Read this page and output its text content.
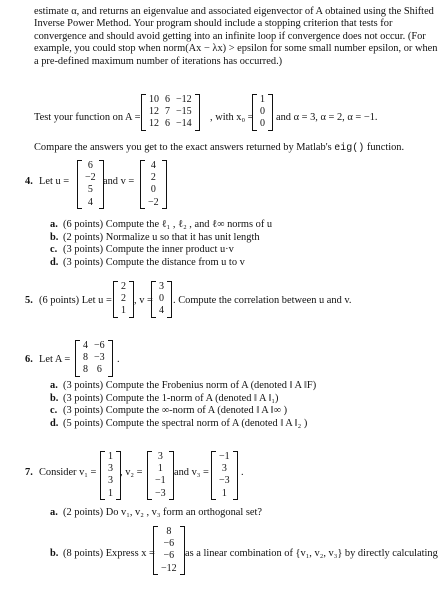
estimate α, and returns an eigenvalue and associated eigenvector of A obtained using the Shifted
Inverse Power Method. Your program should include a stopping criterion that tests for
convergence and should avoid getting into an infinite loop if convergence does not occur. (For
example, you could stop when norm(Ax − λx) > epsilon for some small number epsilon, or when
a pre-defined maximum number of iterations has occurred.)
Test your function on A =
10	6	−12
12	7	−15
12	6	−14
, with x₀ =
1
0
0
and α = 3, α = 2, α = −1.
Compare the answers you get to the exact answers returned by Matlab's eig() function.
4. Let u =
6
−2
5
4
and v =
4
2
0
−2
a. (6 points) Compute the ℓ₁ , ℓ₂ , and ℓ∞ norms of u
b. (2 points) Normalize u so that it has unit length
c. (3 points) Compute the inner product u·v
d. (3 points) Compute the distance from u to v
5. (6 points) Let u =
2
2
1
, v =
3
0
4
. Compute the correlation between u and v.
6. Let A =
4	−6
8	−3
8	6
.
a. (3 points) Compute the Frobenius norm of A (denoted ‖ A ‖F)
b. (3 points) Compute the 1-norm of A (denoted ‖ A ‖₁)
c. (3 points) Compute the ∞-norm of A (denoted ‖ A ‖∞ )
d. (5 points) Compute the spectral norm of A (denoted ‖ A ‖₂ )
7. Consider v₁ =
1
3
3
1
, v₂ =
3
1
−1
−3
and v₃ =
−1
3
−3
1
.
a. (2 points) Do v₁, v₂ , v₃ form an orthogonal set?
b. (8 points) Express x =
8
−6
−6
−12
as a linear combination of {v₁, v₂, v₃} by directly calculating
